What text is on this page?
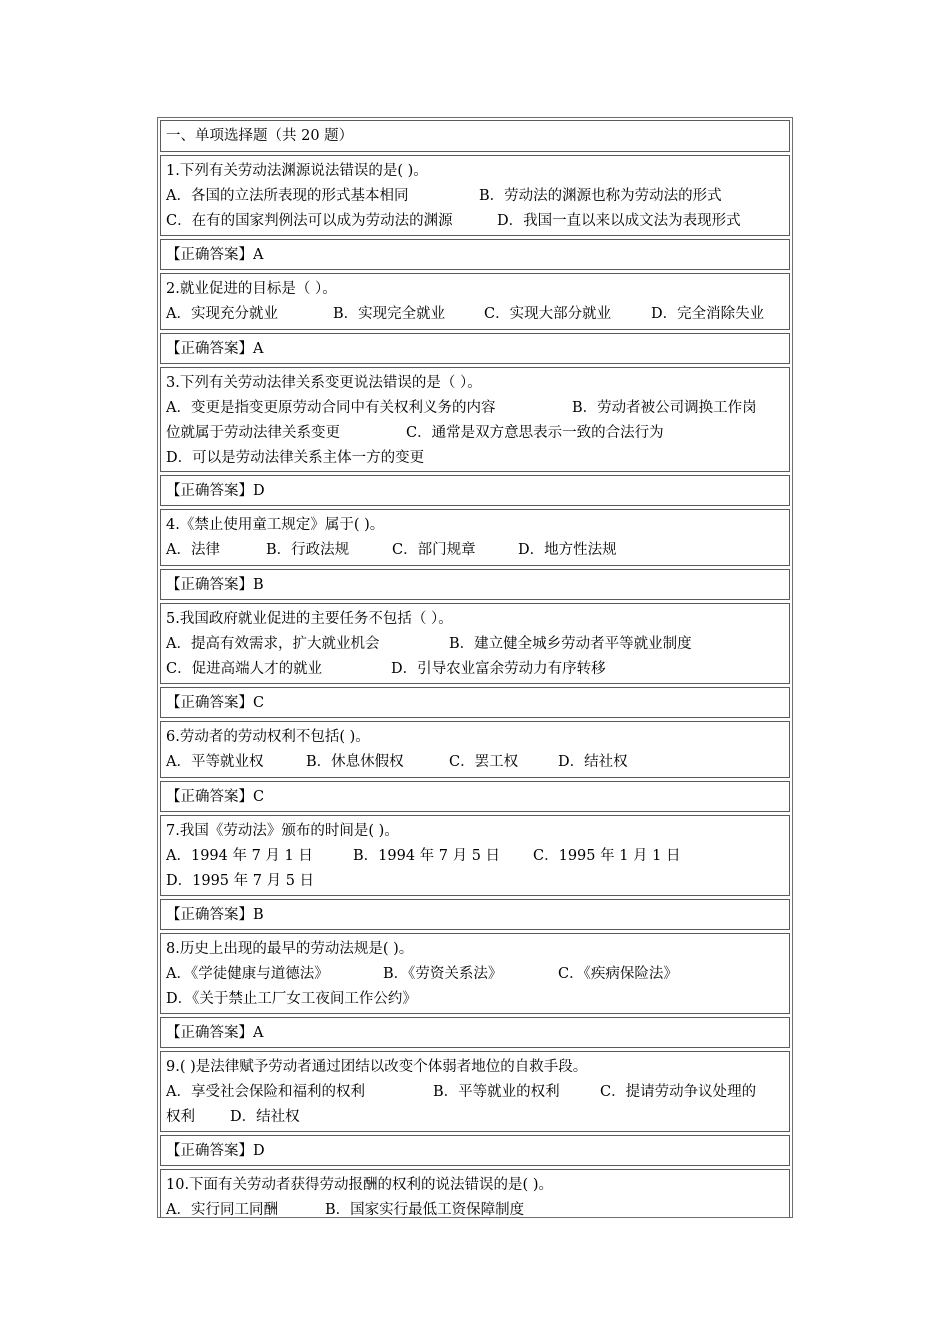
一、单项选择题（共 20 题）
1.下列有关劳动法渊源说法错误的是( )。
A．各国的立法所表现的形式基本相同	B．劳动法的渊源也称为劳动法的形式
C．在有的国家判例法可以成为劳动法的渊源	D．我国一直以来以成文法为表现形式
【正确答案】A
2.就业促进的目标是（ ）。
A．实现充分就业	B．实现完全就业	C．实现大部分就业	D．完全消除失业
【正确答案】A
3.下列有关劳动法律关系变更说法错误的是（ ）。
A．变更是指变更原劳动合同中有关权利义务的内容	B．劳动者被公司调换工作岗
位就属于劳动法律关系变更	C．通常是双方意思表示一致的合法行为
D．可以是劳动法律关系主体一方的变更
【正确答案】D
4.《禁止使用童工规定》属于( )。
A．法律	B．行政法规	C．部门规章	D．地方性法规
【正确答案】B
5.我国政府就业促进的主要任务不包括（ ）。
A．提高有效需求，扩大就业机会	B．建立健全城乡劳动者平等就业制度
C．促进高端人才的就业	D．引导农业富余劳动力有序转移
【正确答案】C
6.劳动者的劳动权利不包括( )。
A．平等就业权	B．休息休假权	C．罢工权	D．结社权
【正确答案】C
7.我国《劳动法》颁布的时间是( )。
A．1994 年 7 月 1 日	B．1994 年 7 月 5 日 C．1995 年 1 月 1 日
D．1995 年 7 月 5 日
【正确答案】B
8.历史上出现的最早的劳动法规是( )。
A．《学徒健康与道德法》	B．《劳资关系法》	C．《疾病保险法》
D．《关于禁止工厂女工夜间工作公约》
【正确答案】A
9.( )是法律赋予劳动者通过团结以改变个体弱者地位的自救手段。
A．享受社会保险和福利的权利	B．平等就业的权利	C．提请劳动争议处理的
权利 D．结社权
【正确答案】D
10.下面有关劳动者获得劳动报酬的权利的说法错误的是( )。
A．实行同工同酬	B．国家实行最低工资保障制度
